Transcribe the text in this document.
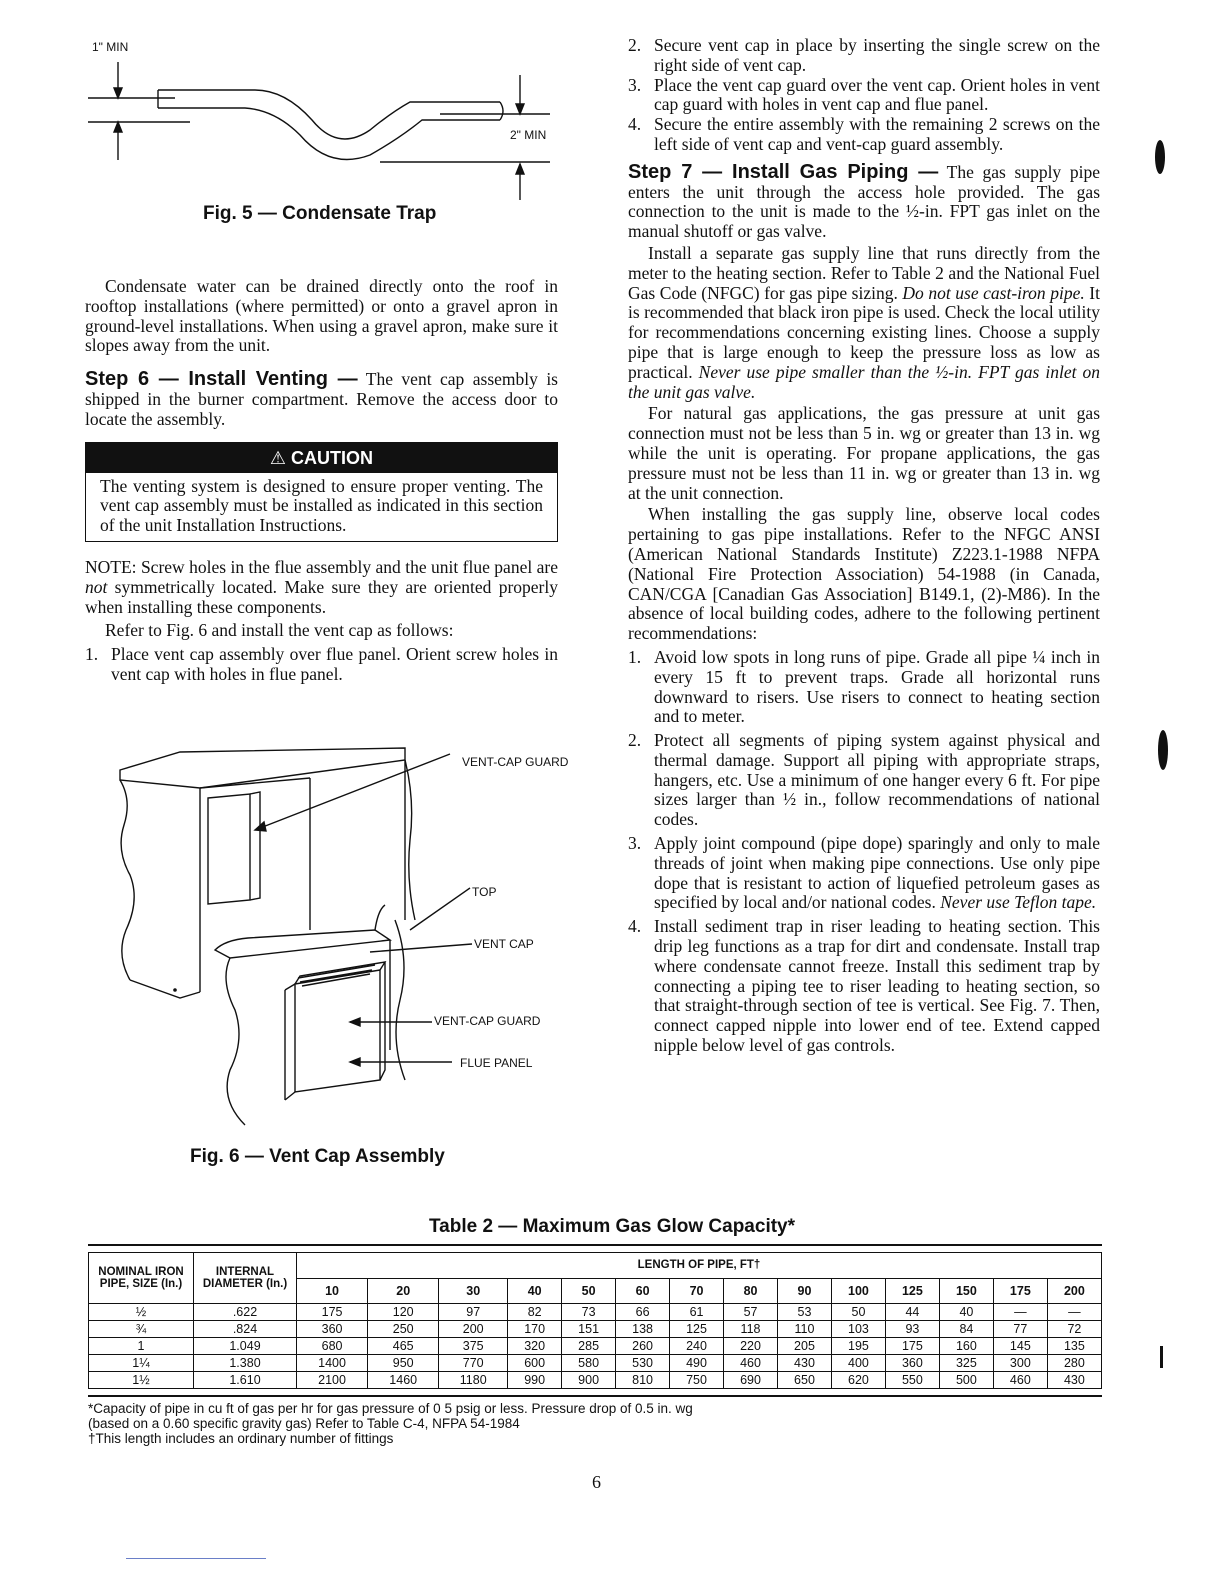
1" MIN
2" MIN
Fig. 5 — Condensate Trap

Condensate water can be drained directly onto the roof in rooftop installations (where permitted) or onto a gravel apron in ground-level installations. When using a gravel apron, make sure it slopes away from the unit.

Step 6 — Install Venting — The vent cap assembly is shipped in the burner compartment. Remove the access door to locate the assembly.

⚠ CAUTION
The venting system is designed to ensure proper venting. The vent cap assembly must be installed as indicated in this section of the unit Installation Instructions.

NOTE: Screw holes in the flue assembly and the unit flue panel are not symmetrically located. Make sure they are oriented properly when installing these components.

Refer to Fig. 6 and install the vent cap as follows:

1. Place vent cap assembly over flue panel. Orient screw holes in vent cap with holes in flue panel.
VENT-CAP GUARD
TOP
VENT CAP
VENT-CAP GUARD
FLUE PANEL
Fig. 6 — Vent Cap Assembly
2. Secure vent cap in place by inserting the single screw on the right side of vent cap.
3. Place the vent cap guard over the vent cap. Orient holes in vent cap guard with holes in vent cap and flue panel.
4. Secure the entire assembly with the remaining 2 screws on the left side of vent cap and vent-cap guard assembly.

Step 7 — Install Gas Piping — The gas supply pipe enters the unit through the access hole provided. The gas connection to the unit is made to the ½-in. FPT gas inlet on the manual shutoff or gas valve.

Install a separate gas supply line that runs directly from the meter to the heating section. Refer to Table 2 and the National Fuel Gas Code (NFGC) for gas pipe sizing. Do not use cast-iron pipe. It is recommended that black iron pipe is used. Check the local utility for recommendations concerning existing lines. Choose a supply pipe that is large enough to keep the pressure loss as low as practical. Never use pipe smaller than the ½-in. FPT gas inlet on the unit gas valve.

For natural gas applications, the gas pressure at unit gas connection must not be less than 5 in. wg or greater than 13 in. wg while the unit is operating. For propane applications, the gas pressure must not be less than 11 in. wg or greater than 13 in. wg at the unit connection.

When installing the gas supply line, observe local codes pertaining to gas pipe installations. Refer to the NFGC ANSI (American National Standards Institute) Z223.1-1988 NFPA (National Fire Protection Association) 54-1988 (in Canada, CAN/CGA [Canadian Gas Association] B149.1, (2)-M86). In the absence of local building codes, adhere to the following pertinent recommendations:

1. Avoid low spots in long runs of pipe. Grade all pipe ¼ inch in every 15 ft to prevent traps. Grade all horizontal runs downward to risers. Use risers to connect to heating section and to meter.
2. Protect all segments of piping system against physical and thermal damage. Support all piping with appropriate straps, hangers, etc. Use a minimum of one hanger every 6 ft. For pipe sizes larger than ½ in., follow recommendations of national codes.
3. Apply joint compound (pipe dope) sparingly and only to male threads of joint when making pipe connections. Use only pipe dope that is resistant to action of liquefied petroleum gases as specified by local and/or national codes. Never use Teflon tape.
4. Install sediment trap in riser leading to heating section. This drip leg functions as a trap for dirt and condensate. Install trap where condensate cannot freeze. Install this sediment trap by connecting a piping tee to riser leading to heating section, so that straight-through section of tee is vertical. See Fig. 7. Then, connect capped nipple into lower end of tee. Extend capped nipple below level of gas controls.
Table 2 — Maximum Gas Glow Capacity*
NOMINAL IRON PIPE, SIZE (In.)	INTERNAL DIAMETER (In.)	LENGTH OF PIPE, FT†													
		10	20	30	40	50	60	70	80	90	100	125	150	175	200
½	.622	175	120	97	82	73	66	61	57	53	50	44	40	—	—
¾	.824	360	250	200	170	151	138	125	118	110	103	93	84	77	72
1	1.049	680	465	375	320	285	260	240	220	205	195	175	160	145	135
1¼	1.380	1400	950	770	600	580	530	490	460	430	400	360	325	300	280
1½	1.610	2100	1460	1180	990	900	810	750	690	650	620	550	500	460	430
*Capacity of pipe in cu ft of gas per hr for gas pressure of 0 5 psig or less. Pressure drop of 0.5 in. wg
(based on a 0.60 specific gravity gas) Refer to Table C-4, NFPA 54-1984
†This length includes an ordinary number of fittings
6
